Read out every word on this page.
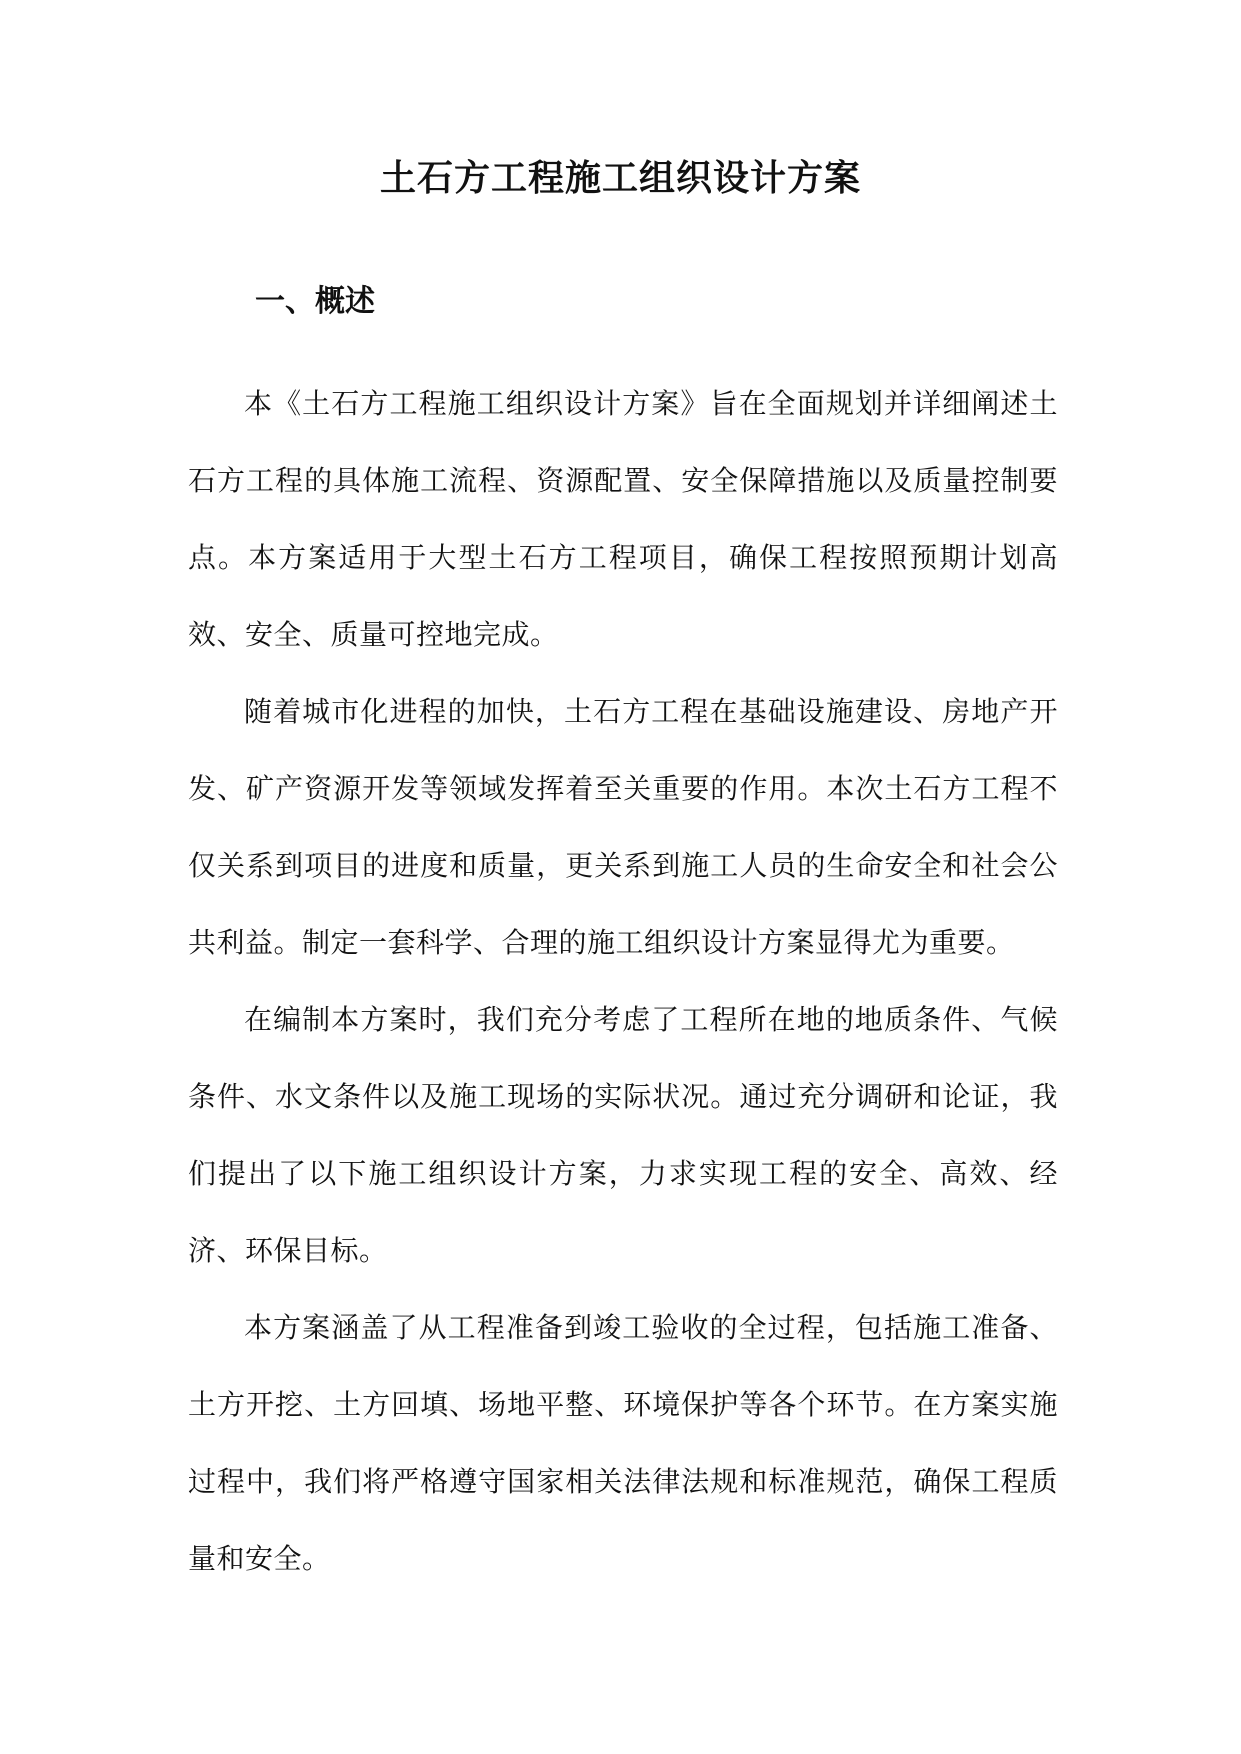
土石方工程施工组织设计方案
一、概述

本《土石方工程施工组织设计方案》旨在全面规划并详细阐述土石方工程的具体施工流程、资源配置、安全保障措施以及质量控制要点。本方案适用于大型土石方工程项目，确保工程按照预期计划高效、安全、质量可控地完成。

随着城市化进程的加快，土石方工程在基础设施建设、房地产开发、矿产资源开发等领域发挥着至关重要的作用。本次土石方工程不仅关系到项目的进度和质量，更关系到施工人员的生命安全和社会公共利益。制定一套科学、合理的施工组织设计方案显得尤为重要。

在编制本方案时，我们充分考虑了工程所在地的地质条件、气候条件、水文条件以及施工现场的实际状况。通过充分调研和论证，我们提出了以下施工组织设计方案，力求实现工程的安全、高效、经济、环保目标。

本方案涵盖了从工程准备到竣工验收的全过程，包括施工准备、土方开挖、土方回填、场地平整、环境保护等各个环节。在方案实施过程中，我们将严格遵守国家相关法律法规和标准规范，确保工程质量和安全。
